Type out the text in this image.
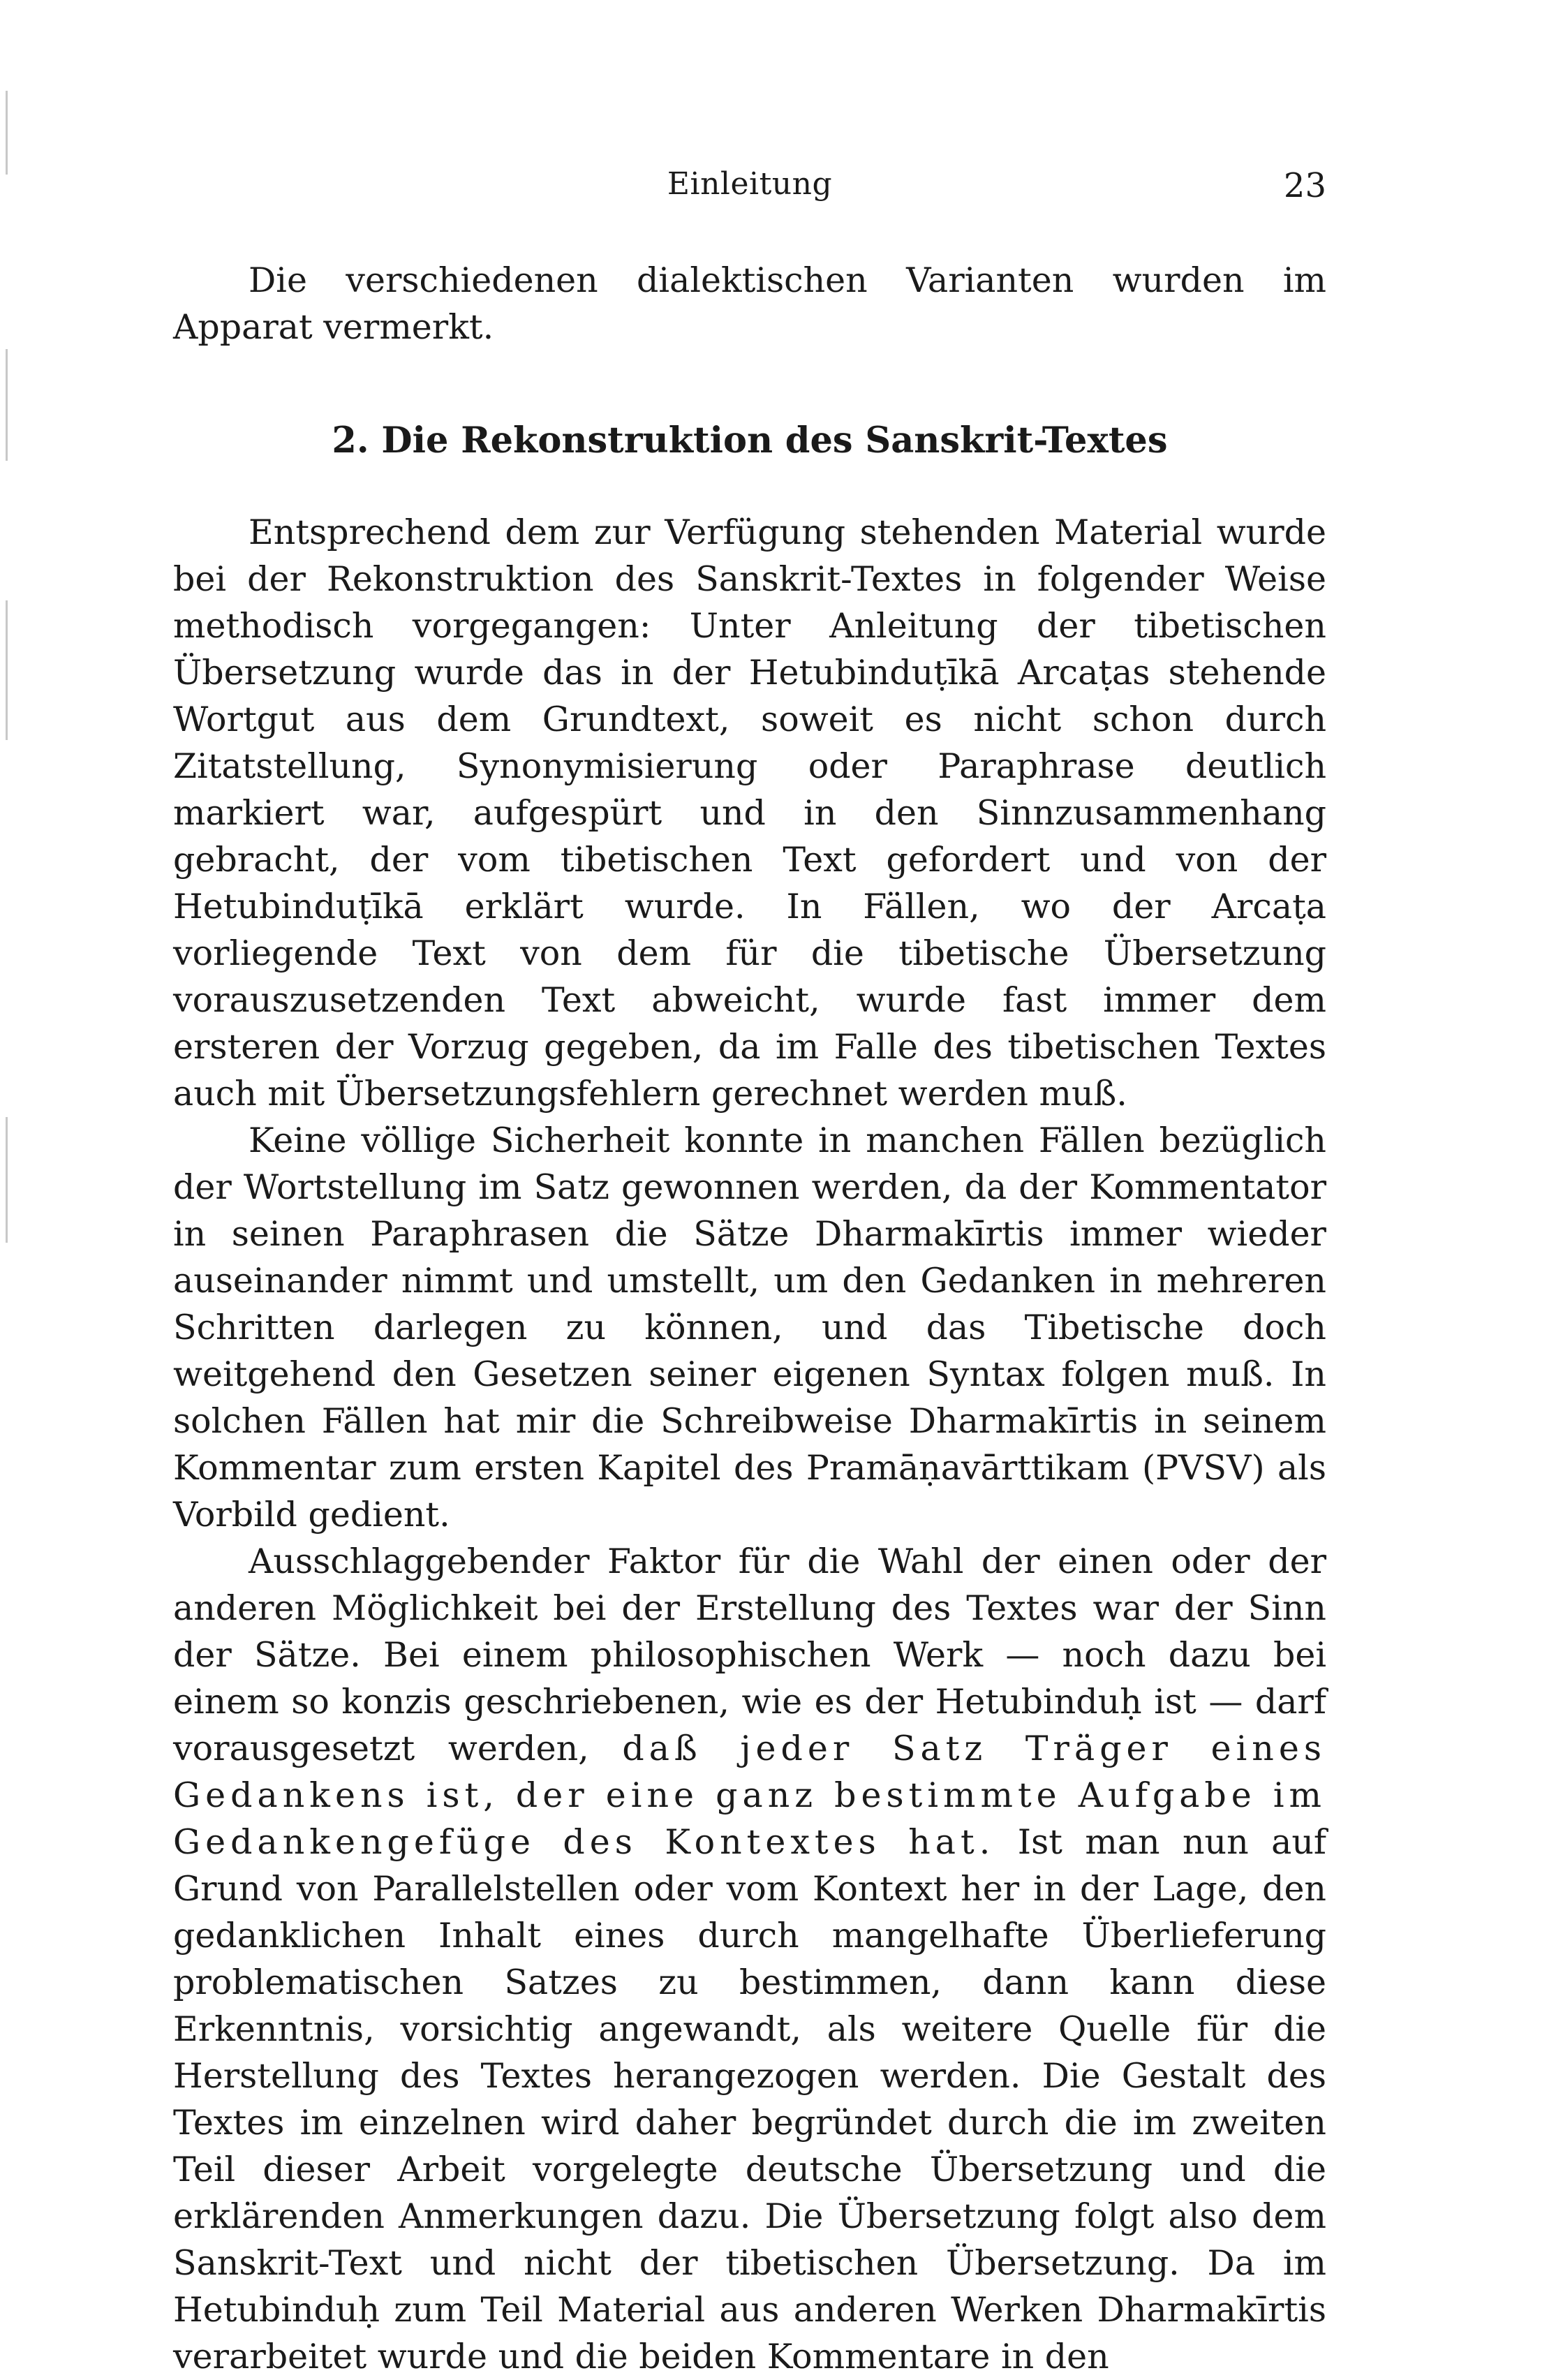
Einleitung	23

Die verschiedenen dialektischen Varianten wurden im Apparat vermerkt.

2. Die Rekonstruktion des Sanskrit-Textes

Entsprechend dem zur Verfügung stehenden Material wurde bei der Rekonstruktion des Sanskrit-Textes in folgender Weise methodisch vorgegangen: Unter Anleitung der tibetischen Übersetzung wurde das in der Hetubinduṭīkā Arcaṭas stehende Wortgut aus dem Grundtext, soweit es nicht schon durch Zitatstellung, Synonymisierung oder Paraphrase deutlich markiert war, aufgespürt und in den Sinnzusammenhang gebracht, der vom tibetischen Text gefordert und von der Hetubinduṭīkā erklärt wurde. In Fällen, wo der Arcaṭa vorliegende Text von dem für die tibetische Übersetzung vorauszusetzenden Text abweicht, wurde fast immer dem ersteren der Vorzug gegeben, da im Falle des tibetischen Textes auch mit Übersetzungsfehlern gerechnet werden muß.

Keine völlige Sicherheit konnte in manchen Fällen bezüglich der Wortstellung im Satz gewonnen werden, da der Kommentator in seinen Paraphrasen die Sätze Dharmakīrtis immer wieder auseinander nimmt und umstellt, um den Gedanken in mehreren Schritten darlegen zu können, und das Tibetische doch weitgehend den Gesetzen seiner eigenen Syntax folgen muß. In solchen Fällen hat mir die Schreibweise Dharmakīrtis in seinem Kommentar zum ersten Kapitel des Pramāṇavārttikam (PVSV) als Vorbild gedient.

Ausschlaggebender Faktor für die Wahl der einen oder der anderen Möglichkeit bei der Erstellung des Textes war der Sinn der Sätze. Bei einem philosophischen Werk — noch dazu bei einem so konzis geschriebenen, wie es der Hetubinduḥ ist — darf vorausgesetzt werden, daß jeder Satz Träger eines Gedankens ist, der eine ganz bestimmte Aufgabe im Gedankengefüge des Kontextes hat. Ist man nun auf Grund von Parallelstellen oder vom Kontext her in der Lage, den gedanklichen Inhalt eines durch mangelhafte Überlieferung problematischen Satzes zu bestimmen, dann kann diese Erkenntnis, vorsichtig angewandt, als weitere Quelle für die Herstellung des Textes herangezogen werden. Die Gestalt des Textes im einzelnen wird daher begründet durch die im zweiten Teil dieser Arbeit vorgelegte deutsche Übersetzung und die erklärenden Anmerkungen dazu. Die Übersetzung folgt also dem Sanskrit-Text und nicht der tibetischen Übersetzung. Da im Hetubinduḥ zum Teil Material aus anderen Werken Dharmakīrtis verarbeitet wurde und die beiden Kommentare in den
